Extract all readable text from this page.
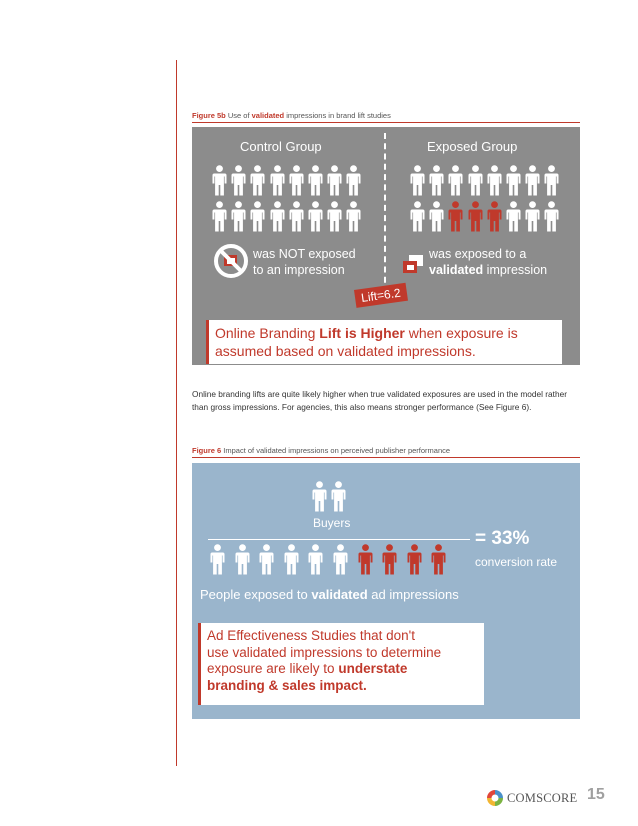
Figure 5b Use of validated impressions in brand lift studies
Control Group	Exposed Group
was NOT exposed
to an impression
was exposed to a
validated impression
Lift=6.2
Online Branding Lift is Higher when exposure is
assumed based on validated impressions.
Online branding lifts are quite likely higher when true validated exposures are used in the model rather than gross impressions. For agencies, this also means stronger performance (See Figure 6).
Figure 6 Impact of validated impressions on perceived publisher performance
Buyers
= 33%
conversion rate
People exposed to validated ad impressions
Ad Effectiveness Studies that don't
use validated impressions to determine
exposure are likely to understate
branding & sales impact.
COMSCORE 15
